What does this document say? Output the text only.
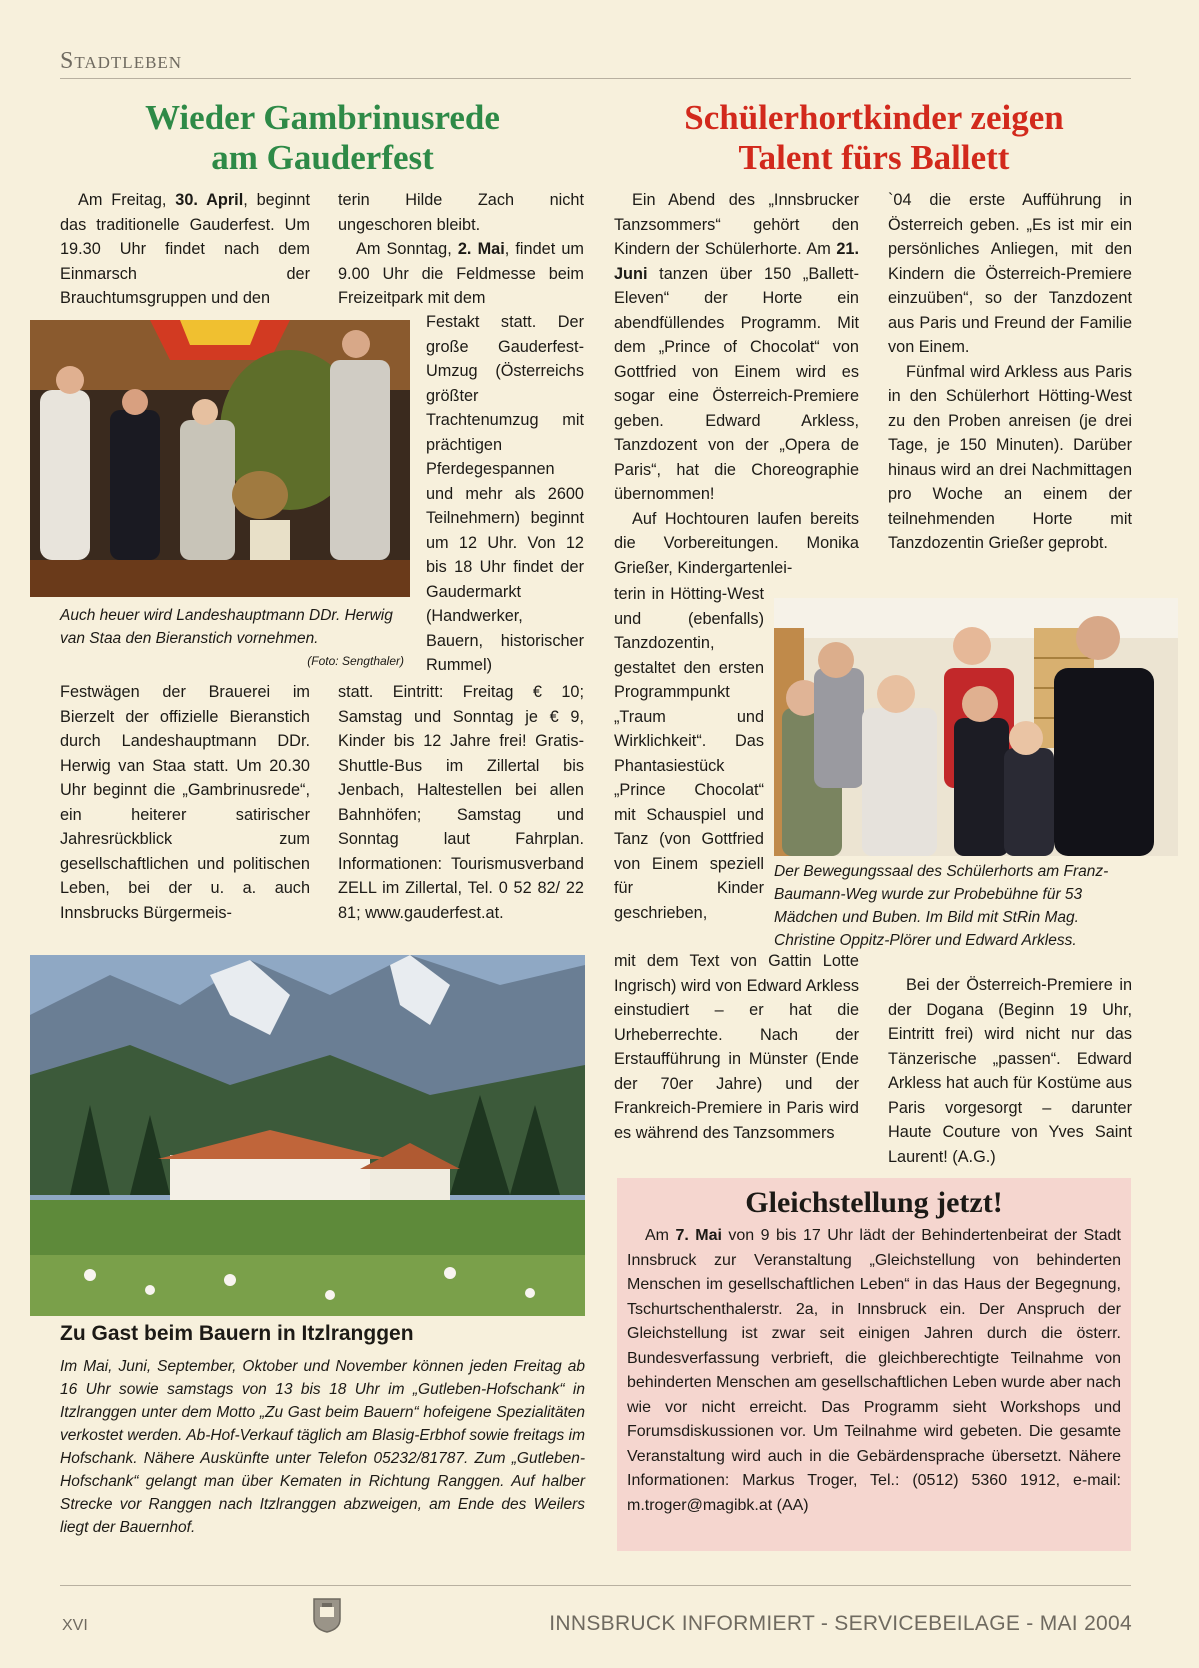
Stadtleben
Wieder Gambrinusrede
am Gauderfest

Am Freitag, 30. April, beginnt das traditionelle Gauderfest. Um 19.30 Uhr findet nach dem Einmarsch der Brauchtumsgruppen und den

terin Hilde Zach nicht ungeschoren bleibt.

Am Sonntag, 2. Mai, findet um 9.00 Uhr die Feldmesse beim Freizeitpark mit dem

Festakt statt. Der große Gauderfest-Umzug (Österreichs größter Trachtenumzug mit prächtigen Pferdegespannen und mehr als 2600 Teilnehmern) beginnt um 12 Uhr. Von 12 bis 18 Uhr findet der Gaudermarkt (Handwerker, Bauern, historischer Rummel)

Auch heuer wird Landeshauptmann DDr. Herwig van Staa den Bieranstich vornehmen.
(Foto: Sengthaler)

Festwägen der Brauerei im Bierzelt der offizielle Bieranstich durch Landeshauptmann DDr. Herwig van Staa statt. Um 20.30 Uhr beginnt die „Gambrinusrede“, ein heiterer satirischer Jahresrückblick zum gesellschaftlichen und politischen Leben, bei der u. a. auch Innsbrucks Bürgermeis-

statt. Eintritt: Freitag € 10; Samstag und Sonntag je € 9, Kinder bis 12 Jahre frei! Gratis-Shuttle-Bus im Zillertal bis Jenbach, Haltestellen bei allen Bahnhöfen; Samstag und Sonntag laut Fahrplan. Informationen: Tourismusverband ZELL im Zillertal, Tel. 0 52 82/ 22 81; www.gauderfest.at.

Zu Gast beim Bauern in Itzlranggen
Im Mai, Juni, September, Oktober und November können jeden Freitag ab 16 Uhr sowie samstags von 13 bis 18 Uhr im „Gutleben-Hofschank“ in Itzlranggen unter dem Motto „Zu Gast beim Bauern“ hofeigene Spezialitäten verkostet werden. Ab-Hof-Verkauf täglich am Blasig-Erbhof sowie freitags im Hofschank. Nähere Auskünfte unter Telefon 05232/81787. Zum „Gutleben-Hofschank“ gelangt man über Kematen in Richtung Ranggen. Auf halber Strecke vor Ranggen nach Itzlranggen abzweigen, am Ende des Weilers liegt der Bauernhof.
Schülerhortkinder zeigen
Talent fürs Ballett

Ein Abend des „Innsbrucker Tanzsommers“ gehört den Kindern der Schülerhorte. Am 21. Juni tanzen über 150 „Ballett-Eleven“ der Horte ein abendfüllendes Programm. Mit dem „Prince of Chocolat“ von Gottfried von Einem wird es sogar eine Österreich-Premiere geben. Edward Arkless, Tanzdozent von der „Opera de Paris“, hat die Choreographie übernommen!

Auf Hochtouren laufen bereits die Vorbereitungen. Monika Grießer, Kindergartenlei-

`04 die erste Aufführung in Österreich geben. „Es ist mir ein persönliches Anliegen, mit den Kindern die Österreich-Premiere einzuüben“, so der Tanzdozent aus Paris und Freund der Familie von Einem.

Fünfmal wird Arkless aus Paris in den Schülerhort Hötting-West zu den Proben anreisen (je drei Tage, je 150 Minuten). Darüber hinaus wird an drei Nachmittagen pro Woche an einem der teilnehmenden Horte mit Tanzdozentin Grießer geprobt.

terin in Hötting-West und (ebenfalls) Tanzdozentin, gestaltet den ersten Programmpunkt „Traum und Wirklichkeit“. Das Phantasiestück „Prince Chocolat“ mit Schauspiel und Tanz (von Gottfried von Einem speziell für Kinder geschrieben,

Der Bewegungssaal des Schülerhorts am Franz-Baumann-Weg wurde zur Probebühne für 53 Mädchen und Buben. Im Bild mit StRin Mag. Christine Oppitz-Plörer und Edward Arkless.

mit dem Text von Gattin Lotte Ingrisch) wird von Edward Arkless einstudiert – er hat die Urheberrechte. Nach der Erstaufführung in Münster (Ende der 70er Jahre) und der Frankreich-Premiere in Paris wird es während des Tanzsommers

Bei der Österreich-Premiere in der Dogana (Beginn 19 Uhr, Eintritt frei) wird nicht nur das Tänzerische „passen“. Edward Arkless hat auch für Kostüme aus Paris vorgesorgt – darunter Haute Couture von Yves Saint Laurent! (A.G.)

Gleichstellung jetzt!

Am 7. Mai von 9 bis 17 Uhr lädt der Behindertenbeirat der Stadt Innsbruck zur Veranstaltung „Gleichstellung von behinderten Menschen im gesellschaftlichen Leben“ in das Haus der Begegnung, Tschurtschenthalerstr. 2a, in Innsbruck ein. Der Anspruch der Gleichstellung ist zwar seit einigen Jahren durch die österr. Bundesverfassung verbrieft, die gleichberechtigte Teilnahme von behinderten Menschen am gesellschaftlichen Leben wurde aber nach wie vor nicht erreicht. Das Programm sieht Workshops und Forumsdiskussionen vor. Um Teilnahme wird gebeten. Die gesamte Veranstaltung wird auch in die Gebärdensprache übersetzt. Nähere Informationen: Markus Troger, Tel.: (0512) 5360 1912, e-mail: m.troger@magibk.at (AA)

XVI	INNSBRUCK INFORMIERT - SERVICEBEILAGE - MAI 2004
